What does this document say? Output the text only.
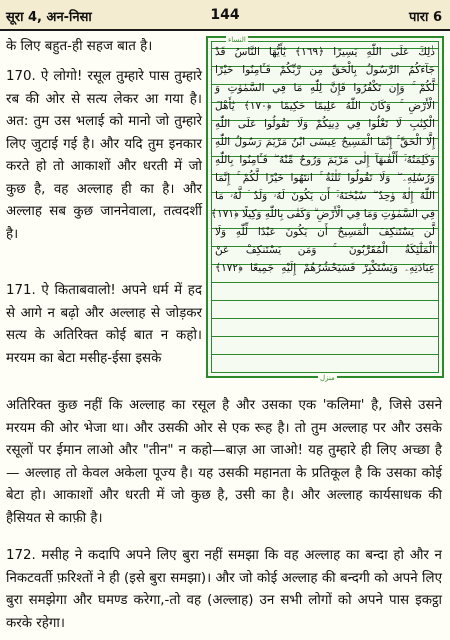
सूरा 4, अन-निसा	144	पारा 6

के लिए बहुत-ही सहज बात है।

170. ऐ लोगो! रसूल तुम्हारे पास तुम्हारे रब की ओर से सत्य लेकर आ गया है। अत: तुम उस भलाई को मानो जो तुम्हारे लिए जुटाई गई है। और यदि तुम इनकार करते हो तो आकाशों और धरती में जो कुछ है, वह अल्लाह ही का है। और अल्लाह सब कुछ जाननेवाला, तत्वदर्शी है।

171. ऐ किताबवालो! अपने धर्म में हद से आगे न बढ़ो और अल्लाह से जोड़कर सत्य के अतिरिक्त कोई बात न कहो। मरयम का बेटा मसीह-ईसा इसके

अतिरिक्त कुछ नहीं कि अल्लाह का रसूल है और उसका एक 'कलिमा' है, जिसे उसने मरयम की ओर भेजा था। और उसकी ओर से एक रूह है। तो तुम अल्लाह पर और उसके रसूलों पर ईमान लाओ और "तीन" न कहो—बाज़ आ जाओ! यह तुम्हारे ही लिए अच्छा है— अल्लाह तो केवल अकेला पूज्य है। यह उसकी महानता के प्रतिकूल है कि उसका कोई बेटा हो। आकाशों और धरती में जो कुछ है, उसी का है। और अल्लाह कार्यसाधक की हैसियत से काफ़ी है।

172. मसीह ने कदापि अपने लिए बुरा नहीं समझा कि वह अल्लाह का बन्दा हो और न निकटवर्ती फ़रिश्तों ने ही (इसे बुरा समझा)। और जो कोई अल्लाह की बन्दगी को अपने लिए बुरा समझेगा और घमण्ड करेगा,-तो वह (अल्लाह) उन सभी लोगों को अपने पास इकट्ठा करके रहेगा।

النساء
ذٰلِكَ عَلَى اللّٰهِ يَسِيرًا ﴿١٦٩﴾ يٰٓأَيُّهَا النَّاسُ قَدْ
جَآءَكُمُ الرَّسُولُ بِالْحَقِّ مِن رَّبِّكُمْ فَـَٔامِنُوا خَيْرًا
لَّكُمْ ۚ وَإِن تَكْفُرُوا فَإِنَّ لِلّٰهِ مَا فِي السَّمٰوٰتِ وَ
الْأَرْضِ ۚ وَكَانَ اللّٰهُ عَلِيمًا حَكِيمًا ﴿١٧٠﴾ يٰٓأَهْلَ
الْكِتٰبِ لَا تَغْلُوا فِي دِينِكُمْ وَلَا تَقُولُوا عَلَى اللّٰهِ
إِلَّا الْحَقَّ ۚ إِنَّمَا الْمَسِيحُ عِيسَى ابْنُ مَرْيَمَ رَسُولُ اللّٰهِ
وَكَلِمَتُهُۥٓ أَلْقٰىهَآ إِلٰى مَرْيَمَ وَرُوحٌ مِّنْهُ ۖ فَـَٔامِنُوا بِاللّٰهِ
وَرُسُلِهِۦ ۖ وَلَا تَقُولُوا ثَلٰثَةٌ ۚ انتَهُوا خَيْرًا لَّكُمْ ۚ إِنَّمَا
اللّٰهُ إِلٰهٌ وٰحِدٌ ۖ سُبْحٰنَهُۥٓ أَن يَكُونَ لَهُۥ وَلَدٌ ۘ لَّهُۥ مَا
فِي السَّمٰوٰتِ وَمَا فِي الْأَرْضِ ۗ وَكَفٰى بِاللّٰهِ وَكِيلًا ﴿١٧١﴾
لَّن يَسْتَنكِفَ الْمَسِيحُ أَن يَكُونَ عَبْدًا لِّلّٰهِ وَلَا
الْمَلٰٓئِكَةُ الْمُقَرَّبُونَ ۚ وَمَن يَسْتَنكِفْ عَنْ
عِبَادَتِهِۦ وَيَسْتَكْبِرْ فَسَيَحْشُرُهُمْ إِلَيْهِ جَمِيعًا ﴿١٧٢﴾
منزل
